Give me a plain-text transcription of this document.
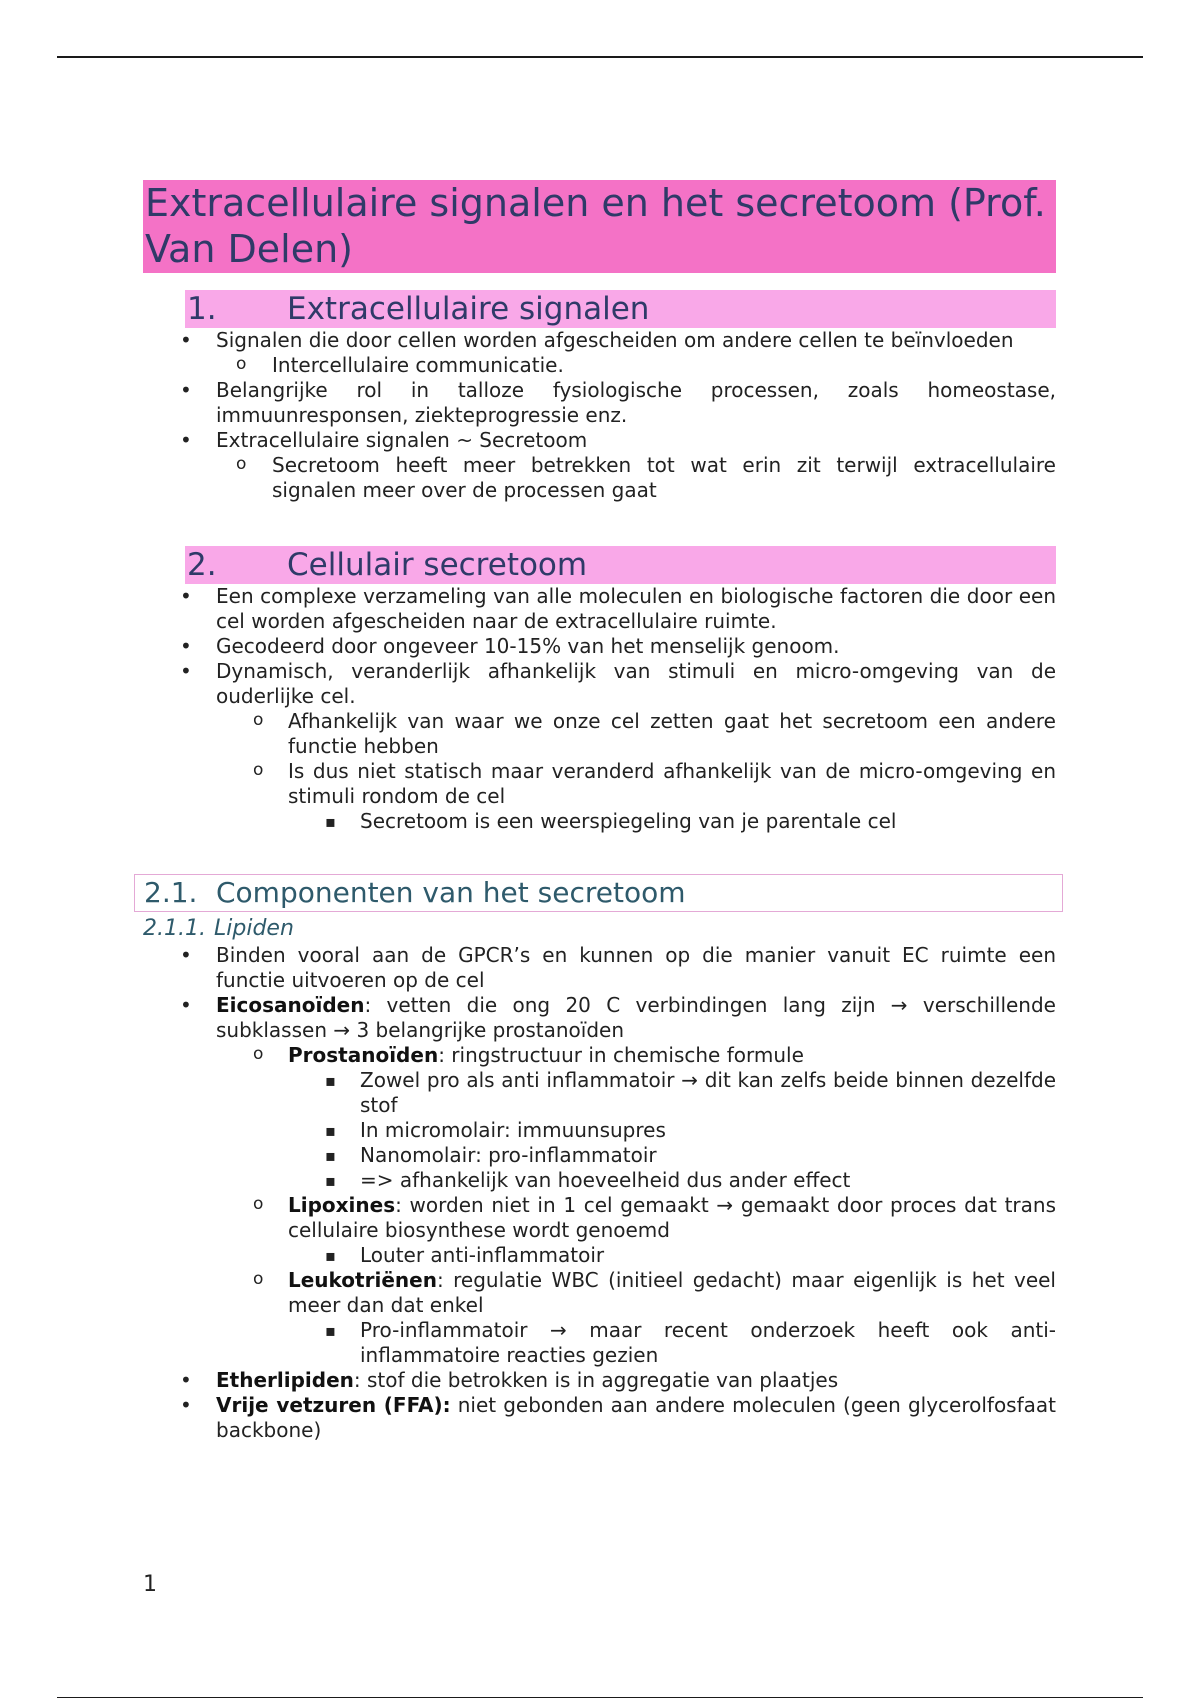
Extracellulaire signalen en het secretoom (Prof. Van Delen)
1.	Extracellulaire signalen
• Signalen die door cellen worden afgescheiden om andere cellen te beïnvloeden
o Intercellulaire communicatie.
• Belangrijke rol in talloze fysiologische processen, zoals homeostase, immuunresponsen, ziekteprogressie enz.
• Extracellulaire signalen ~ Secretoom
o Secretoom heeft meer betrekken tot wat erin zit terwijl extracellulaire signalen meer over de processen gaat
2.	Cellulair secretoom
• Een complexe verzameling van alle moleculen en biologische factoren die door een cel worden afgescheiden naar de extracellulaire ruimte.
• Gecodeerd door ongeveer 10-15% van het menselijk genoom.
• Dynamisch, veranderlijk afhankelijk van stimuli en micro-omgeving van de ouderlijke cel.
o Afhankelijk van waar we onze cel zetten gaat het secretoom een andere functie hebben
o Is dus niet statisch maar veranderd afhankelijk van de micro-omgeving en stimuli rondom de cel
▪ Secretoom is een weerspiegeling van je parentale cel
2.1. Componenten van het secretoom
2.1.1. Lipiden
• Binden vooral aan de GPCR’s en kunnen op die manier vanuit EC ruimte een functie uitvoeren op de cel
• Eicosanoïden: vetten die ong 20 C verbindingen lang zijn → verschillende subklassen → 3 belangrijke prostanoïden
o Prostanoïden: ringstructuur in chemische formule
▪ Zowel pro als anti inflammatoir → dit kan zelfs beide binnen dezelfde stof
▪ In micromolair: immuunsupres
▪ Nanomolair: pro-inflammatoir
▪ => afhankelijk van hoeveelheid dus ander effect
o Lipoxines: worden niet in 1 cel gemaakt → gemaakt door proces dat trans cellulaire biosynthese wordt genoemd
▪ Louter anti-inflammatoir
o Leukotriënen: regulatie WBC (initieel gedacht) maar eigenlijk is het veel meer dan dat enkel
▪ Pro-inflammatoir → maar recent onderzoek heeft ook anti-inflammatoire reacties gezien
• Etherlipiden: stof die betrokken is in aggregatie van plaatjes
• Vrije vetzuren (FFA): niet gebonden aan andere moleculen (geen glycerolfosfaat backbone)
1
